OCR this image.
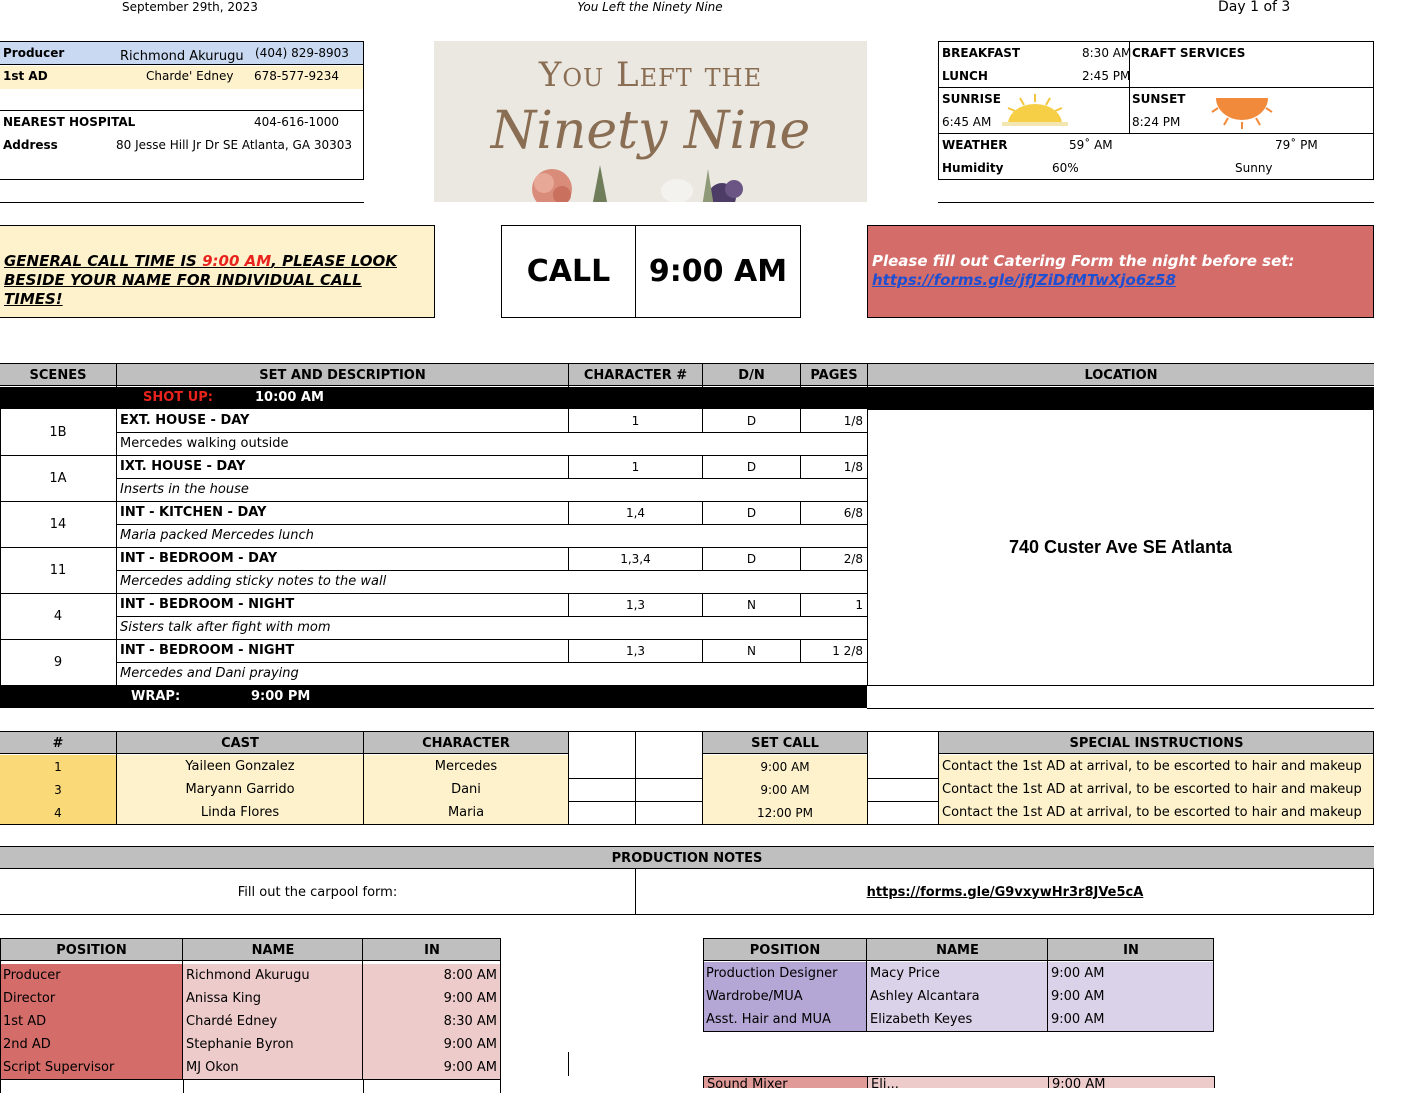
September 29th, 2023	You Left the Ninety Nine	Day 1 of 3
Producer	Richmond Akurugu (404) 829-8903
1st AD	Charde' Edney 678-577-9234
NEAREST HOSPITAL	404-616-1000
Address	80 Jesse Hill Jr Dr SE Atlanta, GA 30303
You Left the
Ninety Nine
BREAKFAST	8:30 AM CRAFT SERVICES
LUNCH	2:45 PM
SUNRISE
6:45 AM
SUNSET
8:24 PM
WEATHER	59˚ AM	79˚ PM
Humidity	60%	Sunny
GENERAL CALL TIME IS 9:00 AM, PLEASE LOOK BESIDE YOUR NAME FOR INDIVIDUAL CALL TIMES!
CALL	9:00 AM	Please fill out Catering Form the night before set:
https://forms.gle/jfJZiDfMTwXjo6z58
SCENES	SET AND DESCRIPTION	CHARACTER #	D/N	PAGES	LOCATION
SHOT UP:	10:00 AM
740 Custer Ave SE Atlanta
WRAP:	9:00 PM
#	CAST	CHARACTER	SET CALL	SPECIAL INSTRUCTIONS
PRODUCTION NOTES
Fill out the carpool form:	https://forms.gle/G9vxywHr3r8JVe5cA
1B
EXT. HOUSE - DAY	1	D	1/8
Mercedes walking outside
1A
IXT. HOUSE - DAY	1	D	1/8
Inserts in the house
14
INT - KITCHEN - DAY	1,4	D	6/8
Maria packed Mercedes lunch
11
INT - BEDROOM - DAY	1,3,4	D	2/8
Mercedes adding sticky notes to the wall
4
INT - BEDROOM - NIGHT	1,3	N	1
Sisters talk after fight with mom
9
INT - BEDROOM - NIGHT	1,3	N	1 2/8
Mercedes and Dani praying
1	Yaileen Gonzalez	Mercedes	9:00 AM	Contact the 1st AD at arrival, to be escorted to hair and makeup
3	Maryann Garrido	Dani	9:00 AM	Contact the 1st AD at arrival, to be escorted to hair and makeup
4	Linda Flores	Maria	12:00 PM	Contact the 1st AD at arrival, to be escorted to hair and makeup
POSITION	NAME	IN
Producer	Richmond Akurugu	8:00 AM
Director	Anissa King	9:00 AM
1st AD	Chardé Edney	8:30 AM
2nd AD	Stephanie Byron	9:00 AM
Script Supervisor	MJ Okon	9:00 AM
POSITION	NAME	IN
Production Designer	Macy Price	9:00 AM
Wardrobe/MUA	Ashley Alcantara	9:00 AM
Asst. Hair and MUA	Elizabeth Keyes	9:00 AM
Sound Mixer	Eli...	9:00 AM
